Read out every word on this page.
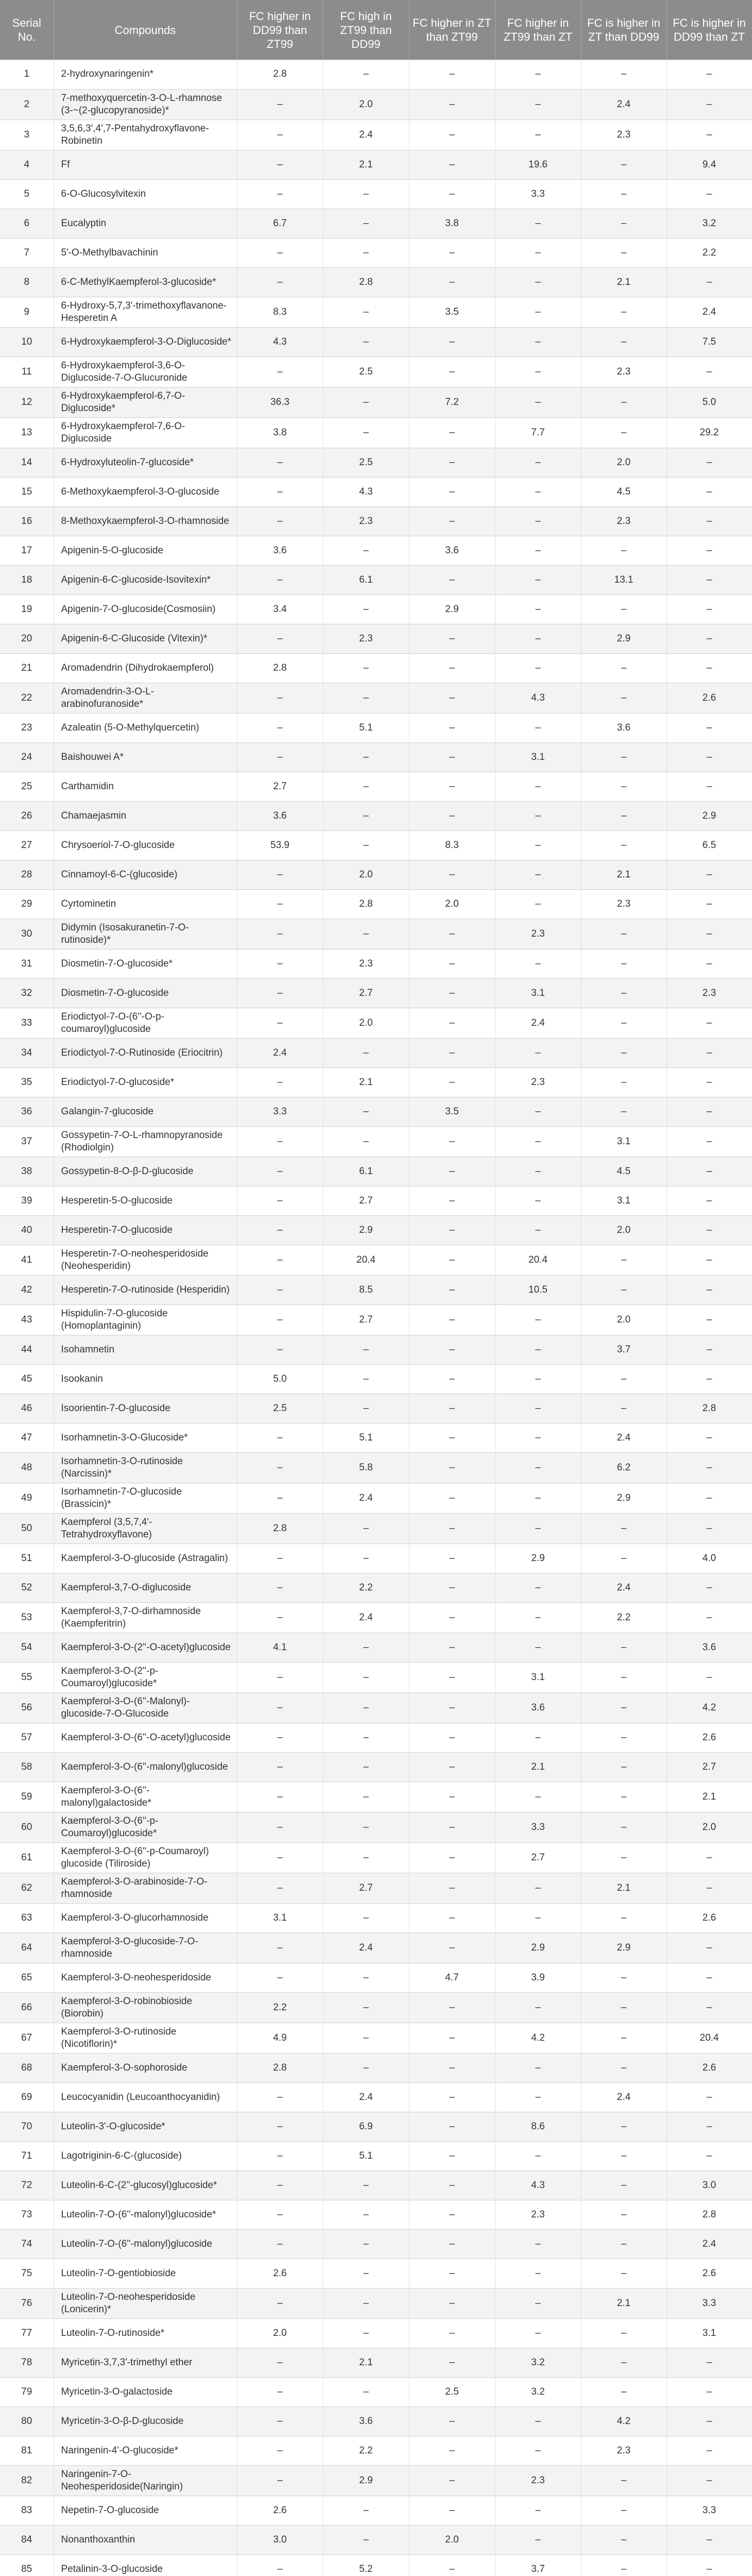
Serial No.	Compounds	FC higher in DD99 than ZT99	FC high in ZT99 than DD99	FC higher in ZT than ZT99	FC higher in ZT99 than ZT	FC is higher in ZT than DD99	FC is higher in DD99 than ZT
1	2-hydroxynaringenin*	2.8	–	–	–	–	–
2	7-methoxyquercetin-3-O-L-rhamnose (3-~(2-glucopyranoside)*	–	2.0	–	–	2.4	–
3	3,5,6,3',4',7-Pentahydroxyflavone-Robinetin	–	2.4	–	–	2.3	–
4	Ff	–	2.1	–	19.6	–	9.4
5	6-O-Glucosylvitexin	–	–	–	3.3	–	–
6	Eucalyptin	6.7	–	3.8	–	–	3.2
7	5'-O-Methylbavachinin	–	–	–	–	–	2.2
8	6-C-MethylKaempferol-3-glucoside*	–	2.8	–	–	2.1	–
9	6-Hydroxy-5,7,3'-trimethoxyflavanone-Hesperetin A	8.3	–	3.5	–	–	2.4
10	6-Hydroxykaempferol-3-O-Diglucoside*	4.3	–	–	–	–	7.5
11	6-Hydroxykaempferol-3,6-O-Diglucoside-7-O-Glucuronide	–	2.5	–	–	2.3	–
12	6-Hydroxykaempferol-6,7-O-Diglucoside*	36.3	–	7.2	–	–	5.0
13	6-Hydroxykaempferol-7,6-O-Diglucoside	3.8	–	–	7.7	–	29.2
14	6-Hydroxyluteolin-7-glucoside*	–	2.5	–	–	2.0	–
15	6-Methoxykaempferol-3-O-glucoside	–	4.3	–	–	4.5	–
16	8-Methoxykaempferol-3-O-rhamnoside	–	2.3	–	–	2.3	–
17	Apigenin-5-O-glucoside	3.6	–	3.6	–	–	–
18	Apigenin-6-C-glucoside-Isovitexin*	–	6.1	–	–	13.1	–
19	Apigenin-7-O-glucoside(Cosmosiin)	3.4	–	2.9	–	–	–
20	Apigenin-6-C-Glucoside (Vitexin)*	–	2.3	–	–	2.9	–
21	Aromadendrin (Dihydrokaempferol)	2.8	–	–	–	–	–
22	Aromadendrin-3-O-L-arabinofuranoside*	–	–	–	4.3	–	2.6
23	Azaleatin (5-O-Methylquercetin)	–	5.1	–	–	3.6	–
24	Baishouwei A*	–	–	–	3.1	–	–
25	Carthamidin	2.7	–	–	–	–	–
26	Chamaejasmin	3.6	–	–	–	–	2.9
27	Chrysoeriol-7-O-glucoside	53.9	–	8.3	–	–	6.5
28	Cinnamoyl-6-C-(glucoside)	–	2.0	–	–	2.1	–
29	Cyrtominetin	–	2.8	2.0	–	2.3	–
30	Didymin (Isosakuranetin-7-O-rutinoside)*	–	–	–	2.3	–	–
31	Diosmetin-7-O-glucoside*	–	2.3	–	–	–	–
32	Diosmetin-7-O-glucoside	–	2.7	–	3.1	–	2.3
33	Eriodictyol-7-O-(6''-O-p-coumaroyl)glucoside	–	2.0	–	2.4	–	–
34	Eriodictyol-7-O-Rutinoside (Eriocitrin)	2.4	–	–	–	–	–
35	Eriodictyol-7-O-glucoside*	–	2.1	–	2.3	–	–
36	Galangin-7-glucoside	3.3	–	3.5	–	–	–
37	Gossypetin-7-O-L-rhamnopyranoside (Rhodiolgin)	–	–	–	–	3.1	–
38	Gossypetin-8-O-β-D-glucoside	–	6.1	–	–	4.5	–
39	Hesperetin-5-O-glucoside	–	2.7	–	–	3.1	–
40	Hesperetin-7-O-glucoside	–	2.9	–	–	2.0	–
41	Hesperetin-7-O-neohesperidoside (Neohesperidin)	–	20.4	–	20.4	–	–
42	Hesperetin-7-O-rutinoside (Hesperidin)	–	8.5	–	10.5	–	–
43	Hispidulin-7-O-glucoside (Homoplantaginin)	–	2.7	–	–	2.0	–
44	Isohamnetin	–	–	–	–	3.7	–
45	Isookanin	5.0	–	–	–	–	–
46	Isoorientin-7-O-glucoside	2.5	–	–	–	–	2.8
47	Isorhamnetin-3-O-Glucoside*	–	5.1	–	–	2.4	–
48	Isorhamnetin-3-O-rutinoside (Narcissin)*	–	5.8	–	–	6.2	–
49	Isorhamnetin-7-O-glucoside (Brassicin)*	–	2.4	–	–	2.9	–
50	Kaempferol (3,5,7,4'-Tetrahydroxyflavone)	2.8	–	–	–	–	–
51	Kaempferol-3-O-glucoside (Astragalin)	–	–	–	2.9	–	4.0
52	Kaempferol-3,7-O-diglucoside	–	2.2	–	–	2.4	–
53	Kaempferol-3,7-O-dirhamnoside (Kaempferitrin)	–	2.4	–	–	2.2	–
54	Kaempferol-3-O-(2''-O-acetyl)glucoside	4.1	–	–	–	–	3.6
55	Kaempferol-3-O-(2''-p-Coumaroyl)glucoside*	–	–	–	3.1	–	–
56	Kaempferol-3-O-(6''-Malonyl)-glucoside-7-O-Glucoside	–	–	–	3.6	–	4.2
57	Kaempferol-3-O-(6''-O-acetyl)glucoside	–	–	–	–	–	2.6
58	Kaempferol-3-O-(6''-malonyl)glucoside	–	–	–	2.1	–	2.7
59	Kaempferol-3-O-(6''-malonyl)galactoside*	–	–	–	–	–	2.1
60	Kaempferol-3-O-(6''-p-Coumaroyl)glucoside*	–	–	–	3.3	–	2.0
61	Kaempferol-3-O-(6''-p-Coumaroyl) glucoside (Tiliroside)	–	–	–	2.7	–	–
62	Kaempferol-3-O-arabinoside-7-O-rhamnoside	–	2.7	–	–	2.1	–
63	Kaempferol-3-O-glucorhamnoside	3.1	–	–	–	–	2.6
64	Kaempferol-3-O-glucoside-7-O-rhamnoside	–	2.4	–	2.9	2.9	–
65	Kaempferol-3-O-neohesperidoside	–	–	4.7	3.9	–	–
66	Kaempferol-3-O-robinobioside (Biorobin)	2.2	–	–	–	–	–
67	Kaempferol-3-O-rutinoside (Nicotiflorin)*	4.9	–	–	4.2	–	20.4
68	Kaempferol-3-O-sophoroside	2.8	–	–	–	–	2.6
69	Leucocyanidin (Leucoanthocyanidin)	–	2.4	–	–	2.4	–
70	Luteolin-3'-O-glucoside*	–	6.9	–	8.6	–	–
71	Lagotriginin-6-C-(glucoside)	–	5.1	–	–	–	–
72	Luteolin-6-C-(2''-glucosyl)glucoside*	–	–	–	4.3	–	3.0
73	Luteolin-7-O-(6''-malonyl)glucoside*	–	–	–	2.3	–	2.8
74	Luteolin-7-O-(6''-malonyl)glucoside	–	–	–	–	–	2.4
75	Luteolin-7-O-gentiobioside	2.6	–	–	–	–	2.6
76	Luteolin-7-O-neohesperidoside (Lonicerin)*	–	–	–	–	2.1	3.3
77	Luteolin-7-O-rutinoside*	2.0	–	–	–	–	3.1
78	Myricetin-3,7,3'-trimethyl ether	–	2.1	–	3.2	–	–
79	Myricetin-3-O-galactoside	–	–	2.5	3.2	–	–
80	Myricetin-3-O-β-D-glucoside	–	3.6	–	–	4.2	–
81	Naringenin-4'-O-glucoside*	–	2.2	–	–	2.3	–
82	Naringenin-7-O-Neohesperidoside(Naringin)	–	2.9	–	2.3	–	–
83	Nepetin-7-O-glucoside	2.6	–	–	–	–	3.3
84	Nonanthoxanthin	3.0	–	2.0	–	–	–
85	Petalinin-3-O-glucoside	–	5.2	–	3.7	–	–
